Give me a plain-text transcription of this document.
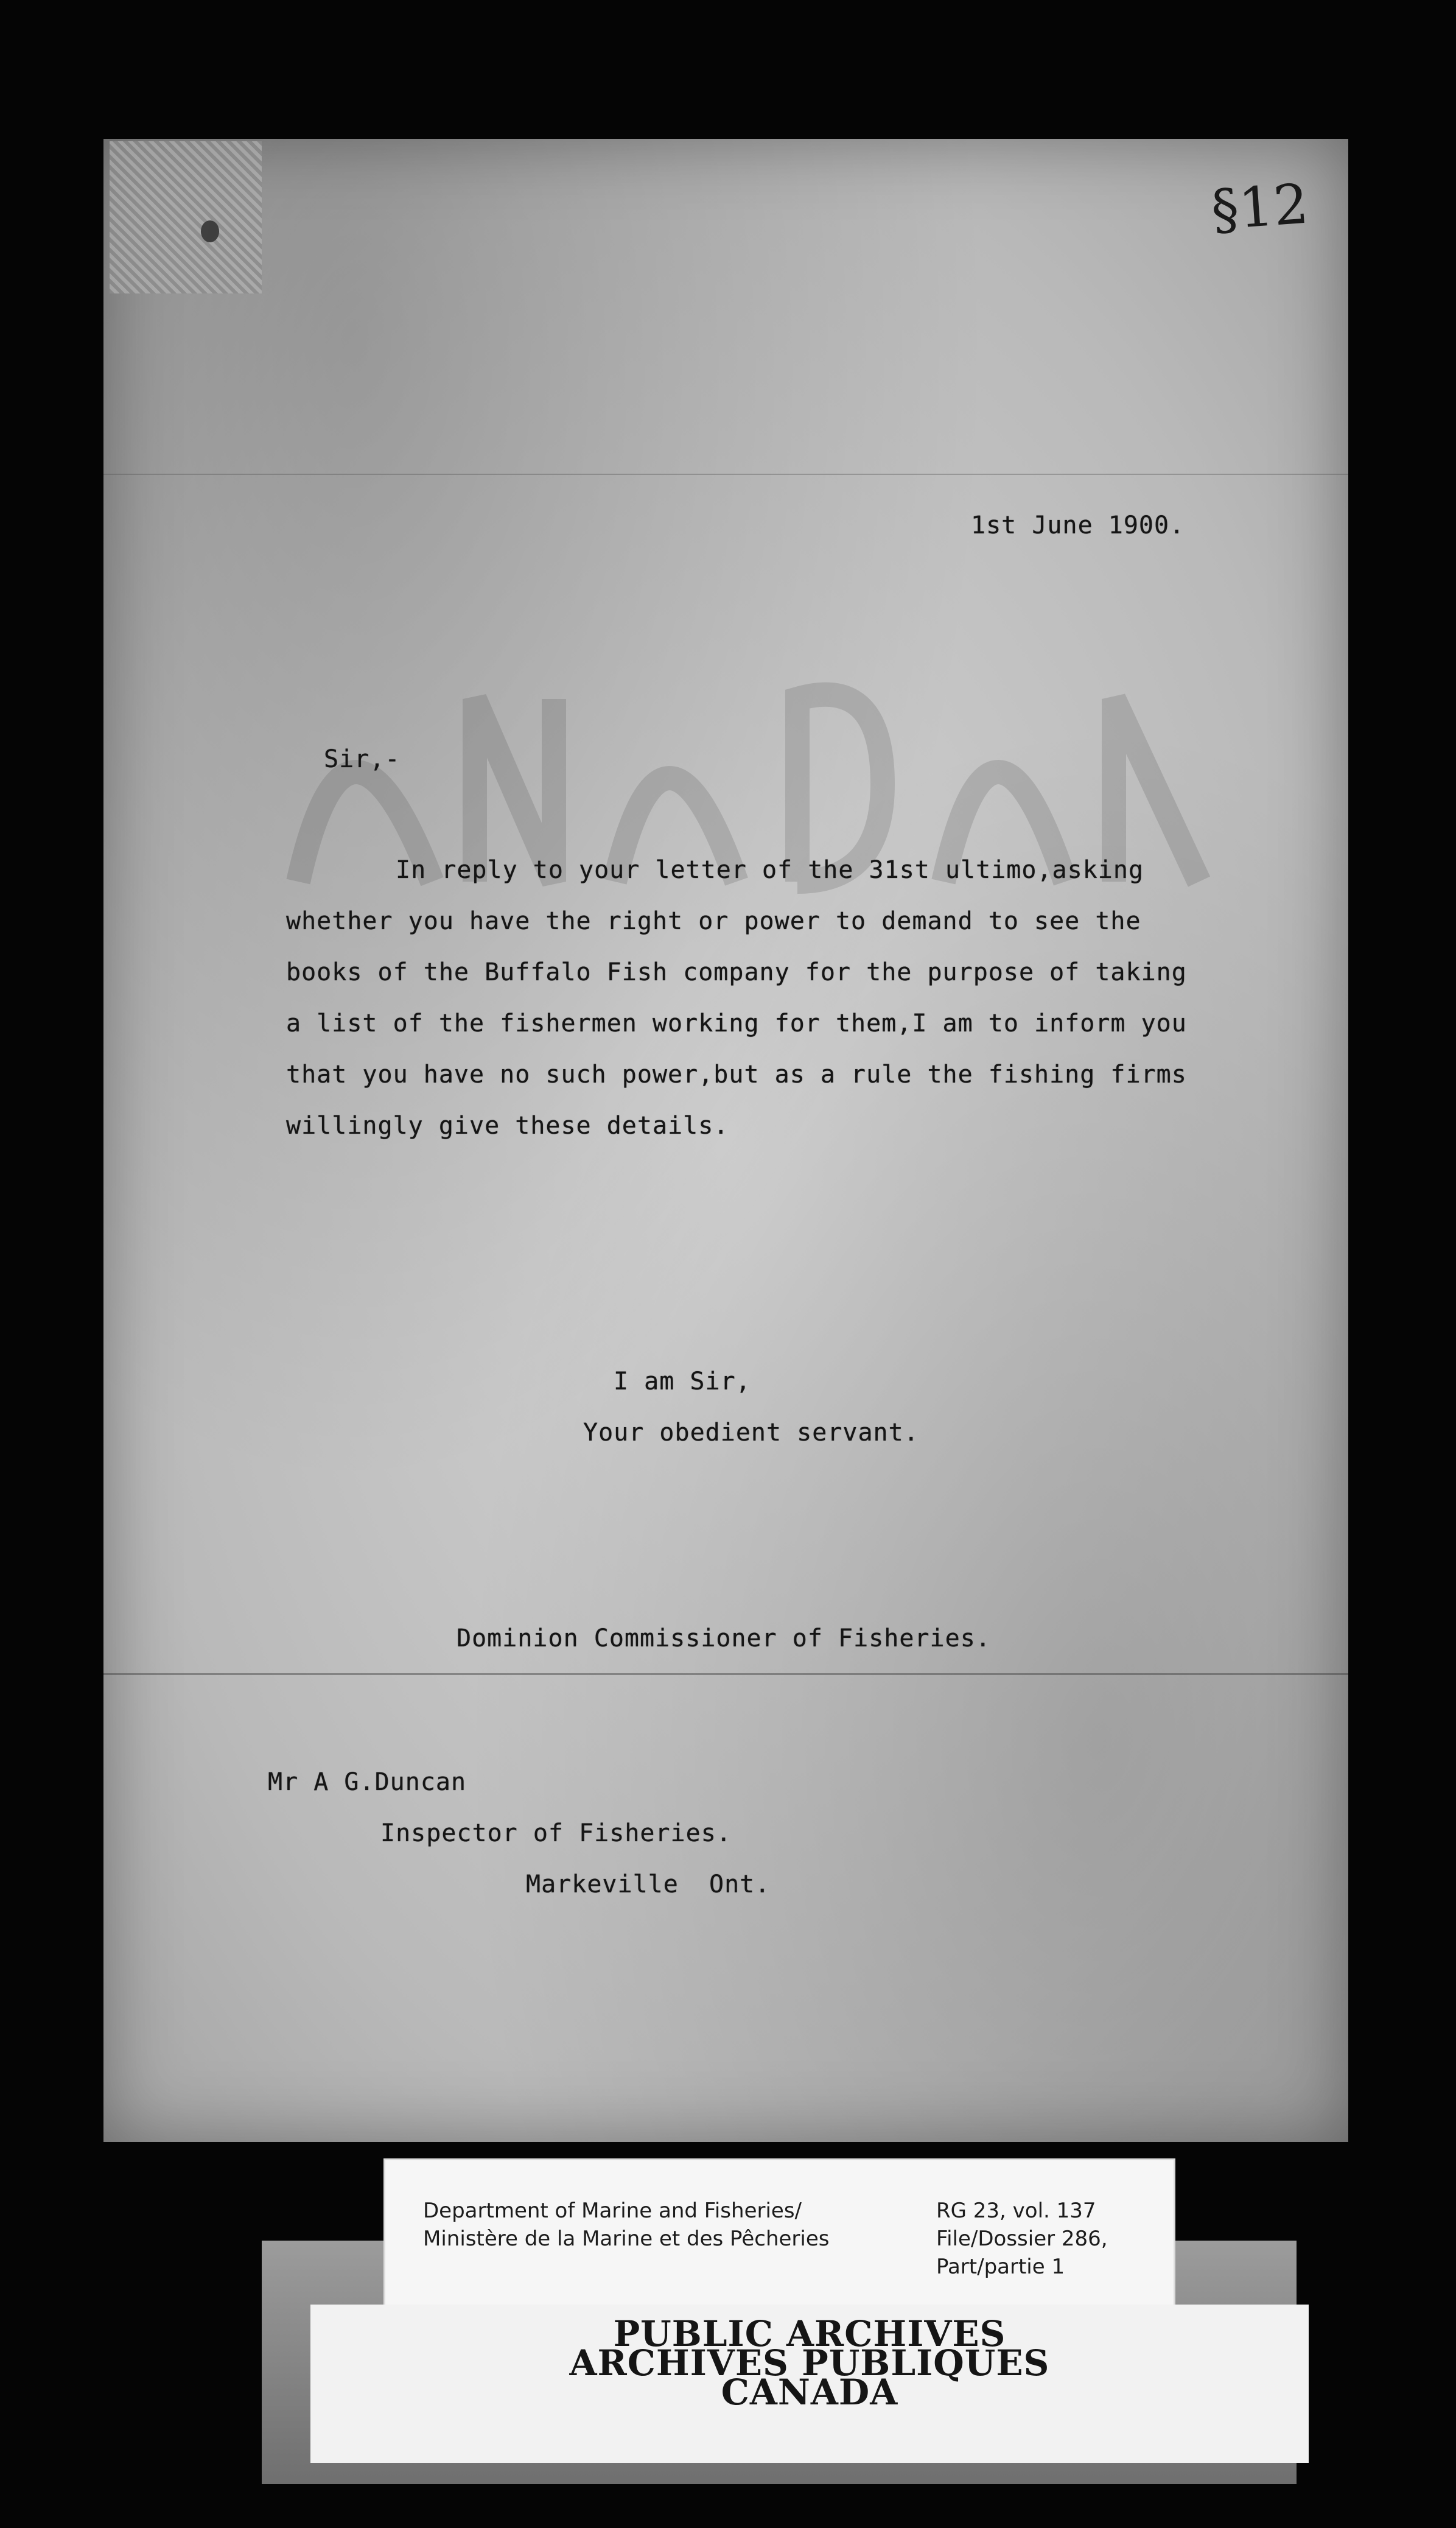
§12
1st June 1900.
Sir,-
In reply to your letter of the 31st ultimo,asking
whether you have the right or power to demand to see the
books of the Buffalo Fish company for the purpose of taking
a list of the fishermen working for them,I am to inform you
that you have no such power,but as a rule the fishing firms
willingly give these details.
I am Sir,
Your obedient servant.
Dominion Commissioner of Fisheries.
Mr A G.Duncan
Inspector of Fisheries.
Markeville  Ont.
Department of Marine and Fisheries/
Ministère de la Marine et des Pêcheries
RG 23, vol. 137
File/Dossier 286,
Part/partie 1
PUBLIC ARCHIVES
ARCHIVES PUBLIQUES
CANADA
